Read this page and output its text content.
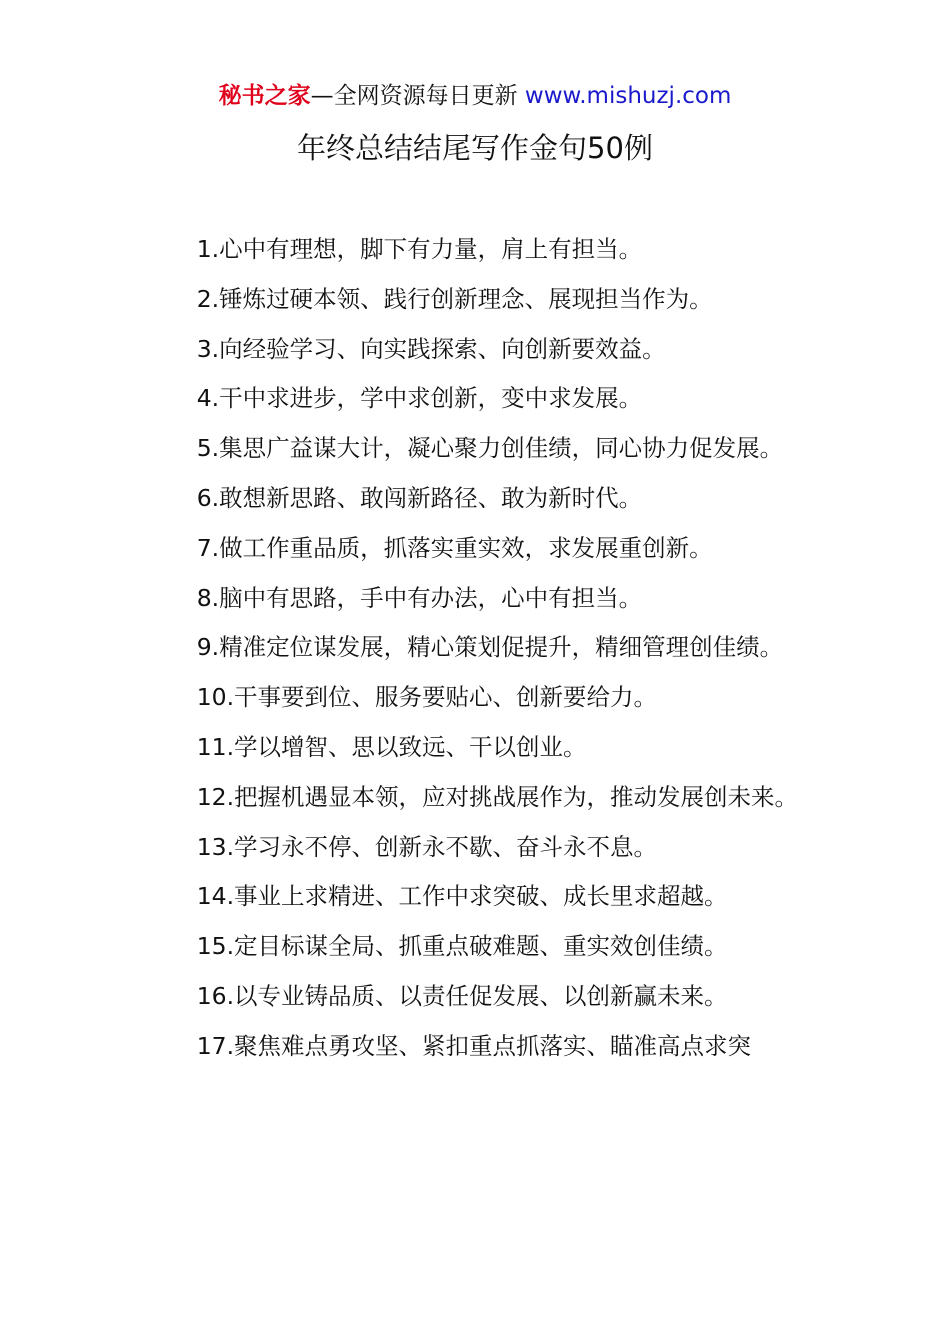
秘书之家—全网资源每日更新 www.mishuzj.com
年终总结结尾写作金句50例
1.心中有理想，脚下有力量，肩上有担当。
2.锤炼过硬本领、践行创新理念、展现担当作为。
3.向经验学习、向实践探索、向创新要效益。
4.干中求进步，学中求创新，变中求发展。
5.集思广益谋大计，凝心聚力创佳绩，同心协力促发展。
6.敢想新思路、敢闯新路径、敢为新时代。
7.做工作重品质，抓落实重实效，求发展重创新。
8.脑中有思路，手中有办法，心中有担当。
9.精准定位谋发展，精心策划促提升，精细管理创佳绩。
10.干事要到位、服务要贴心、创新要给力。
11.学以增智、思以致远、干以创业。
12.把握机遇显本领，应对挑战展作为，推动发展创未来。
13.学习永不停、创新永不歇、奋斗永不息。
14.事业上求精进、工作中求突破、成长里求超越。
15.定目标谋全局、抓重点破难题、重实效创佳绩。
16.以专业铸品质、以责任促发展、以创新赢未来。
17.聚焦难点勇攻坚、紧扣重点抓落实、瞄准高点求突
